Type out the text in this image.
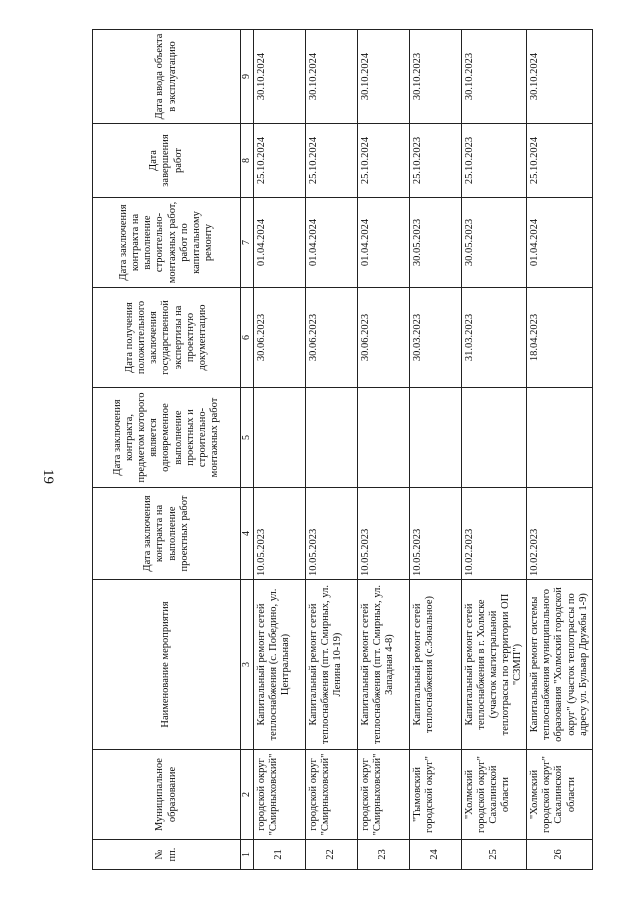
19
№ пп.	Муниципальное образование	Наименование мероприятия	Дата заключения контракта на выполнение проектных работ	Дата заключения контракта, предметом которого является одновременное выполнение проектных и строительно-монтажных работ	Дата получения положительного заключения государственной экспертизы на проектную документацию	Дата заключения контракта на выполнение строительно-монтажных работ, работ по капитальному ремонту	Дата завершения работ	Дата ввода объекта в эксплуатацию
1	2	3	4	5	6	7	8	9
21	городской округ "Смирныховский"	Капитальный ремонт сетей теплоснабжения (с. Победино, ул. Центральная)	10.05.2023		30.06.2023	01.04.2024	25.10.2024	30.10.2024
22	городской округ "Смирныховский"	Капитальный ремонт сетей теплоснабжения (пгт. Смирных, ул. Ленина 10-19)	10.05.2023		30.06.2023	01.04.2024	25.10.2024	30.10.2024
23	городской округ "Смирныховский"	Капитальный ремонт сетей теплоснабжения (пгт. Смирных, ул. Западная 4-8)	10.05.2023		30.06.2023	01.04.2024	25.10.2024	30.10.2024
24	"Тымовский городской округ"	Капитальный ремонт сетей теплоснабжения (с.Зональное)	10.05.2023		30.03.2023	30.05.2023	25.10.2023	30.10.2023
25	"Холмский городской округ" Сахалинской области	Капитальный ремонт сетей теплоснабжения в г. Холмске (участок магистральной теплотрассы по территории ОП "СЗМП")	10.02.2023		31.03.2023	30.05.2023	25.10.2023	30.10.2023
26	"Холмский городской округ" Сахалинской области	Капитальный ремонт системы теплоснабжения муниципального образования "Холмский городской округ" (участок теплотрассы по адресу ул. Бульвар Дружбы 1-9)	10.02.2023		18.04.2023	01.04.2024	25.10.2024	30.10.2024
